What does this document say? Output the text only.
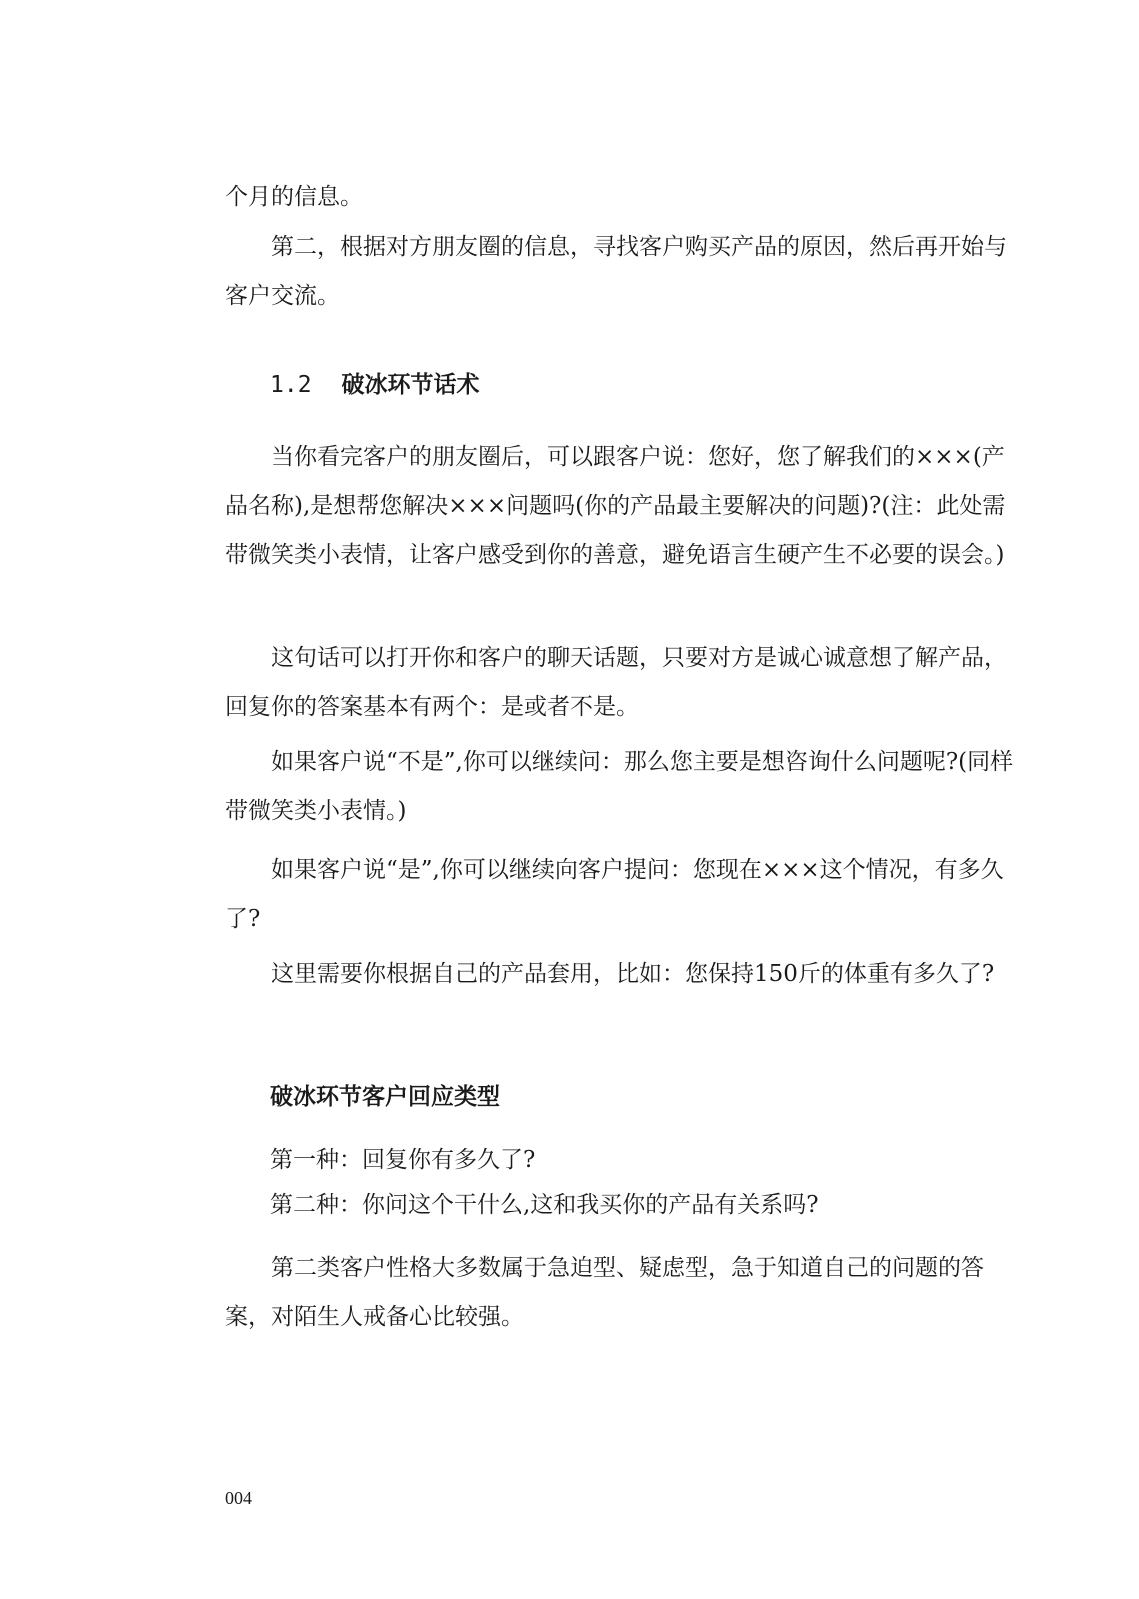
个月的信息。

第二，根据对方朋友圈的信息，寻找客户购买产品的原因，然后再开始与客户交流。

1.2 破冰环节话术

当你看完客户的朋友圈后，可以跟客户说：您好，您了解我们的×××(产品名称),是想帮您解决×××问题吗(你的产品最主要解决的问题)?(注：此处需带微笑类小表情，让客户感受到你的善意，避免语言生硬产生不必要的误会。)

这句话可以打开你和客户的聊天话题，只要对方是诚心诚意想了解产品，回复你的答案基本有两个：是或者不是。

如果客户说“不是”,你可以继续问：那么您主要是想咨询什么问题呢?(同样带微笑类小表情。)

如果客户说“是”,你可以继续向客户提问：您现在×××这个情况，有多久了?

这里需要你根据自己的产品套用，比如：您保持150斤的体重有多久了?

破冰环节客户回应类型
第一种：回复你有多久了?
第二种：你问这个干什么,这和我买你的产品有关系吗?

第二类客户性格大多数属于急迫型、疑虑型，急于知道自己的问题的答案，对陌生人戒备心比较强。

004
